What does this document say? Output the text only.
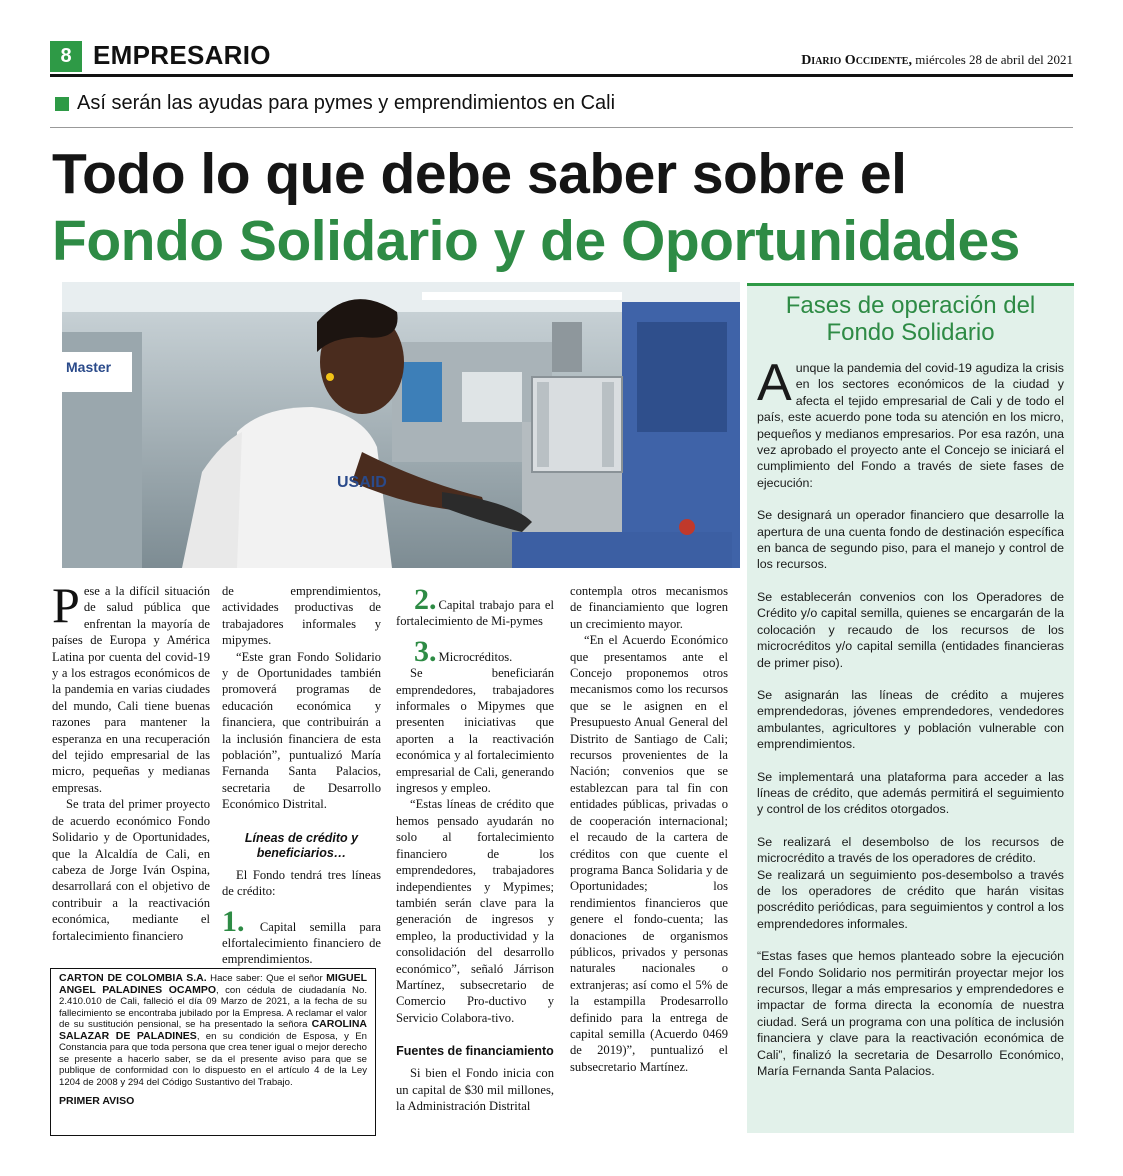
8 EMPRESARIO	Diario Occidente, miércoles 28 de abril del 2021
Así serán las ayudas para pymes y emprendimientos en Cali
Todo lo que debe saber sobre el
Fondo Solidario y de Oportunidades
USAID
Master

Pese a la difícil situación de salud pública que enfrentan la mayoría de países de Europa y América Latina por cuenta del covid-19 y a los estragos económicos de la pandemia en varias ciudades del mundo, Cali tiene buenas razones para mantener la esperanza en una recuperación del tejido empresarial de las micro, pequeñas y medianas empresas.

Se trata del primer proyecto de acuerdo económico Fondo Solidario y de Oportunidades, que la Alcaldía de Cali, en cabeza de Jorge Iván Ospina, desarrollará con el objetivo de contribuir a la reactivación económica, mediante el fortalecimiento financiero

de emprendimientos, actividades productivas de trabajadores informales y mipymes.

“Este gran Fondo Solidario y de Oportunidades también promoverá programas de educación económica y financiera, que contribuirán a la inclusión financiera de esta población”, puntualizó María Fernanda Santa Palacios, secretaria de Desarrollo Económico Distrital.

Líneas de crédito y beneficiarios…

El Fondo tendrá tres líneas de crédito:

1. Capital semilla para elfortalecimiento financiero de emprendimientos.

2. Capital trabajo para el fortalecimiento de Mi-pymes

3. Microcréditos.

Se beneficiarán emprendedores, trabajadores informales o Mipymes que presenten iniciativas que aporten a la reactivación económica y al fortalecimiento empresarial de Cali, generando ingresos y empleo.

“Estas líneas de crédito que hemos pensado ayudarán no solo al fortalecimiento financiero de los emprendedores, trabajadores independientes y Mypimes; también serán clave para la generación de ingresos y empleo, la productividad y la consolidación del desarrollo económico”, señaló Járrison Martínez, subsecretario de Comercio Pro-ductivo y Servicio Colabora-tivo.

Fuentes de financiamiento

Si bien el Fondo inicia con un capital de $30 mil millones, la Administración Distrital

contempla otros mecanismos de financiamiento que logren un crecimiento mayor.

“En el Acuerdo Económico que presentamos ante el Concejo proponemos otros mecanismos como los recursos que se le asignen en el Presupuesto Anual General del Distrito de Santiago de Cali; recursos provenientes de la Nación; convenios que se establezcan para tal fin con entidades públicas, privadas o de cooperación internacional; el recaudo de la cartera de créditos con que cuente el programa Banca Solidaria y de Oportunidades; los rendimientos financieros que genere el fondo-cuenta; las donaciones de organismos públicos, privados y personas naturales nacionales o extranjeras; así como el 5% de la estampilla Prodesarrollo definido para la entrega de capital semilla (Acuerdo 0469 de 2019)”, puntualizó el subsecretario Martínez.

CARTON DE COLOMBIA S.A. Hace saber: Que el señor MIGUEL ANGEL PALADINES OCAMPO, con cédula de ciudadanía No. 2.410.010 de Cali, falleció el día 09 Marzo de 2021, a la fecha de su fallecimiento se encontraba jubilado por la Empresa. A reclamar el valor de su sustitución pensional, se ha presentado la señora CAROLINA SALAZAR DE PALADINES, en su condición de Esposa, y En Constancia para que toda persona que crea tener igual o mejor derecho se presente a hacerlo saber, se da el presente aviso para que se publique de conformidad con lo dispuesto en el artículo 4 de la Ley 1204 de 2008 y 294 del Código Sustantivo del Trabajo.
PRIMER AVISO
Fases de operación del Fondo Solidario

Aunque la pandemia del covid-19 agudiza la crisis en los sectores económicos de la ciudad y afecta el tejido empresarial de Cali y de todo el país, este acuerdo pone toda su atención en los micro, pequeños y medianos empresarios. Por esa razón, una vez aprobado el proyecto ante el Concejo se iniciará el cumplimiento del Fondo a través de siete fases de ejecución:

Se designará un operador financiero que desarrolle la apertura de una cuenta fondo de destinación específica en banca de segundo piso, para el manejo y control de los recursos.

Se establecerán convenios con los Operadores de Crédito y/o capital semilla, quienes se encargarán de la colocación y recaudo de los recursos de los microcréditos y/o capital semilla (entidades financieras de primer piso).

Se asignarán las líneas de crédito a mujeres emprendedoras, jóvenes emprendedores, vendedores ambulantes, agricultores y población vulnerable con emprendimientos.

Se implementará una plataforma para acceder a las líneas de crédito, que además permitirá el seguimiento y control de los créditos otorgados.

Se realizará el desembolso de los recursos de microcrédito a través de los operadores de crédito.

Se realizará un seguimiento pos-desembolso a través de los operadores de crédito que harán visitas poscrédito periódicas, para seguimientos y control a los emprendedores informales.

“Estas fases que hemos planteado sobre la ejecución del Fondo Solidario nos permitirán proyectar mejor los recursos, llegar a más empresarios y emprendedores e impactar de forma directa la economía de nuestra ciudad. Será un programa con una política de inclusión financiera y clave para la reactivación económica de Cali”, finalizó la secretaria de Desarrollo Económico, María Fernanda Santa Palacios.
